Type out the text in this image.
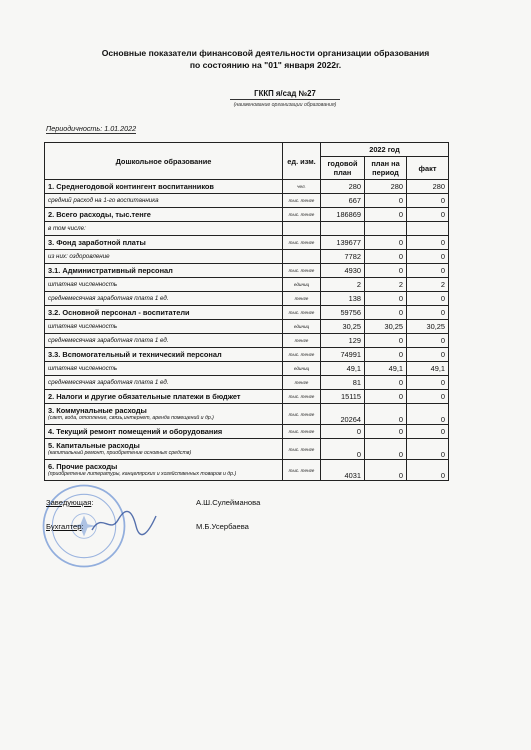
Основные показатели финансовой деятельности организации образования
по состоянию на "01" января 2022г.
ГККП я/сад №27
(наименование организации образования)
Периодичность: 1.01.2022
Дошкольное образование	ед. изм.	2022 год		
		годовой план	план на период	факт
1. Среднегодовой контингент воспитанников	чел.	280	280	280
средний расход на 1-го воспитанника	тыс. тенге	667	0	0
2. Всего расходы, тыс.тенге	тыс. тенге	186869	0	0
в том числе:				
3. Фонд заработной платы	тыс. тенге	139677	0	0
из них: оздоровление		7782	0	0
3.1. Административный персонал	тыс. тенге	4930	0	0
штатная численность	единиц	2	2	2
среднемесячная заработная плата 1 ед.	тенге	138	0	0
3.2. Основной персонал - воспитатели	тыс. тенге	59756	0	0
штатная численность	единиц	30,25	30,25	30,25
среднемесячная заработная плата 1 ед.	тенге	129	0	0
3.3. Вспомогательный и технический персонал	тыс. тенге	74991	0	0
штатная численность	единиц	49,1	49,1	49,1
среднемесячная заработная плата 1 ед.	тенге	81	0	0
2. Налоги и другие обязательные платежи в бюджет	тыс. тенге	15115	0	0
3. Коммунальные расходы
(свет, вода, отопление, связь,интернет, аренда помещений и др.)	тыс. тенге	20264	0	0
4. Текущий ремонт помещений и оборудования	тыс. тенге	0	0	0
5. Капитальные расходы
(капитальный ремонт, приобретение основных средств)	тыс. тенге	0	0	0
6. Прочие расходы
(приобретение литературы, канцелярских и хозяйственных товаров и др.)	тыс. тенге	4031	0	0
Заведующая:	А.Ш.Сулейманова
Бухгалтер:	М.Б.Усербаева
